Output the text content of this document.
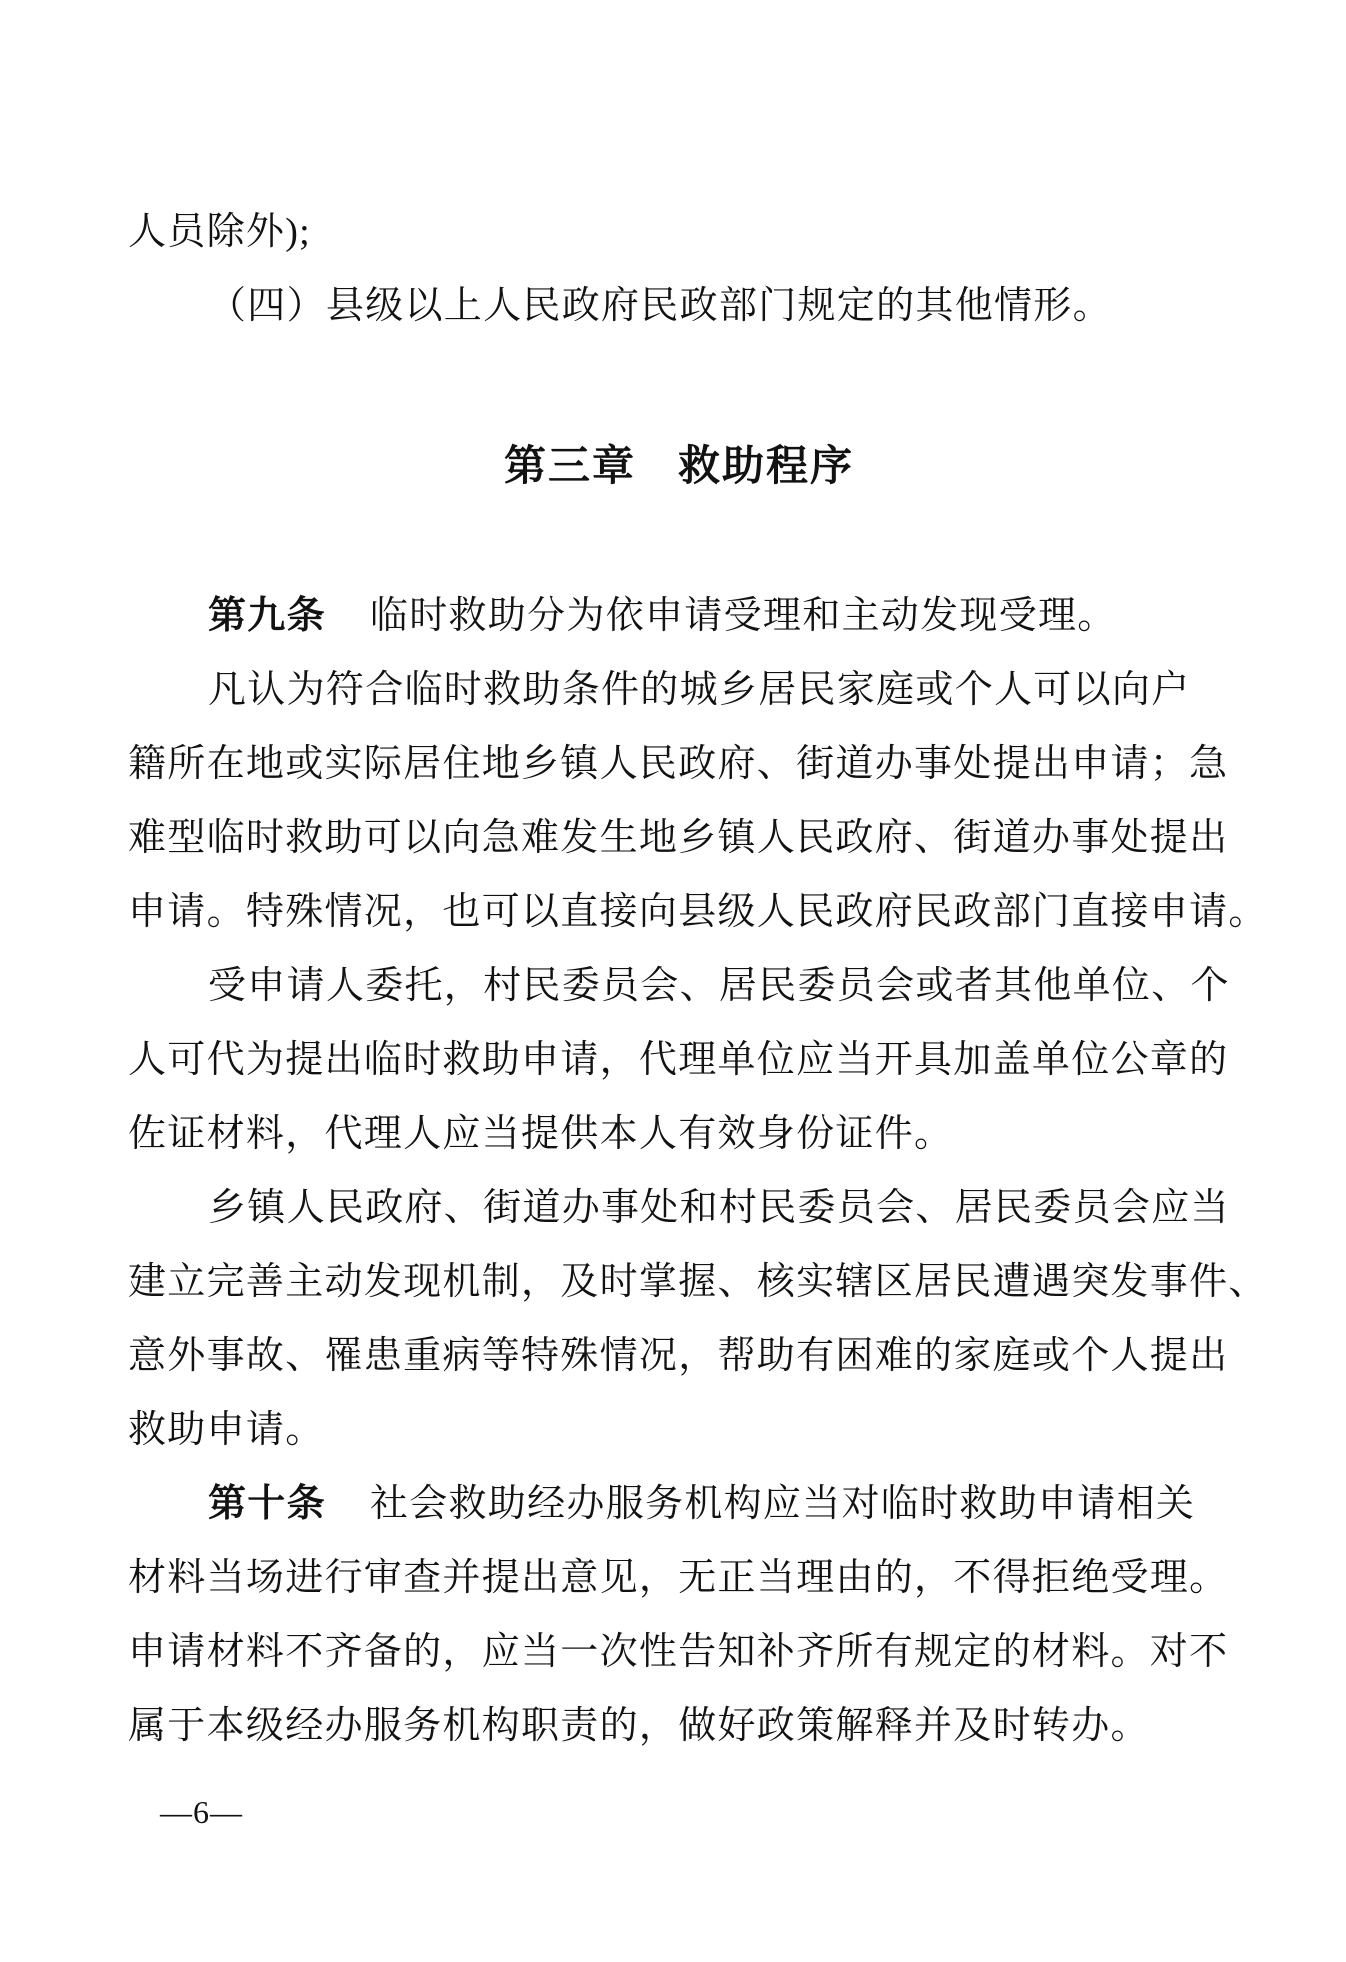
人员除外);
（四）县级以上人民政府民政部门规定的其他情形。
第三章 救助程序
第九条 临时救助分为依申请受理和主动发现受理。
凡认为符合临时救助条件的城乡居民家庭或个人可以向户
籍所在地或实际居住地乡镇人民政府、街道办事处提出申请；急
难型临时救助可以向急难发生地乡镇人民政府、街道办事处提出
申请。特殊情况，也可以直接向县级人民政府民政部门直接申请。
受申请人委托，村民委员会、居民委员会或者其他单位、个
人可代为提出临时救助申请，代理单位应当开具加盖单位公章的
佐证材料，代理人应当提供本人有效身份证件。
乡镇人民政府、街道办事处和村民委员会、居民委员会应当
建立完善主动发现机制，及时掌握、核实辖区居民遭遇突发事件、
意外事故、罹患重病等特殊情况，帮助有困难的家庭或个人提出
救助申请。
第十条 社会救助经办服务机构应当对临时救助申请相关
材料当场进行审查并提出意见，无正当理由的，不得拒绝受理。
申请材料不齐备的，应当一次性告知补齐所有规定的材料。对不
属于本级经办服务机构职责的，做好政策解释并及时转办。
—6—
